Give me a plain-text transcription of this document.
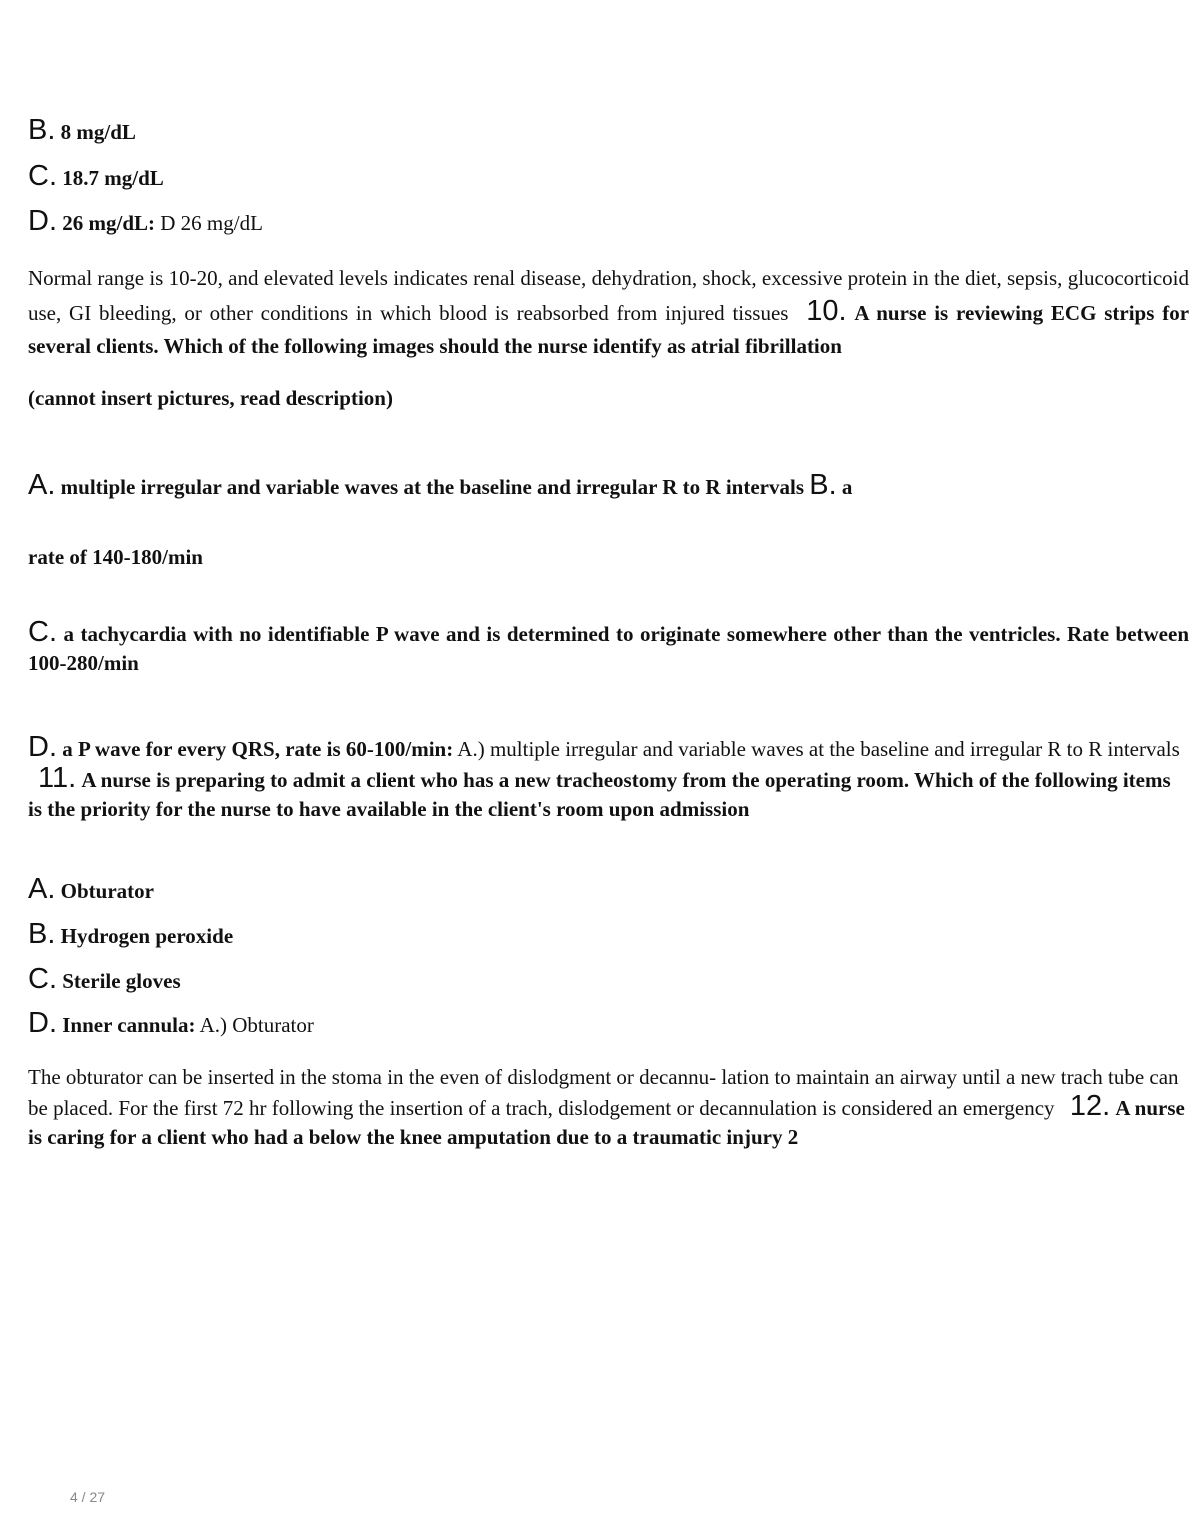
B. 8 mg/dL

C. 18.7 mg/dL

D. 26 mg/dL: D 26 mg/dL

Normal range is 10-20, and elevated levels indicates renal disease, dehydration, shock, excessive protein in the diet, sepsis, glucocorticoid use, GI bleeding, or other conditions in which blood is reabsorbed from injured tissues 10. A nurse is reviewing ECG strips for several clients. Which of the following images should the nurse identify as atrial fibrillation

(cannot insert pictures, read description)

A. multiple irregular and variable waves at the baseline and irregular R to R intervals B. a

rate of 140-180/min

C. a tachycardia with no identifiable P wave and is determined to originate somewhere other than the ventricles. Rate between 100-280/min

D. a P wave for every QRS, rate is 60-100/min: A.) multiple irregular and variable waves at the baseline and irregular R to R intervals 11. A nurse is preparing to admit a client who has a new tracheostomy from the operating room. Which of the following items is the priority for the nurse to have available in the client's room upon admission

A. Obturator

B. Hydrogen peroxide

C. Sterile gloves

D. Inner cannula: A.) Obturator

The obturator can be inserted in the stoma in the even of dislodgment or decannu- lation to maintain an airway until a new trach tube can be placed. For the first 72 hr following the insertion of a trach, dislodgement or decannulation is considered an emergency 12. A nurse is caring for a client who had a below the knee amputation due to a traumatic injury 2

4 / 27
